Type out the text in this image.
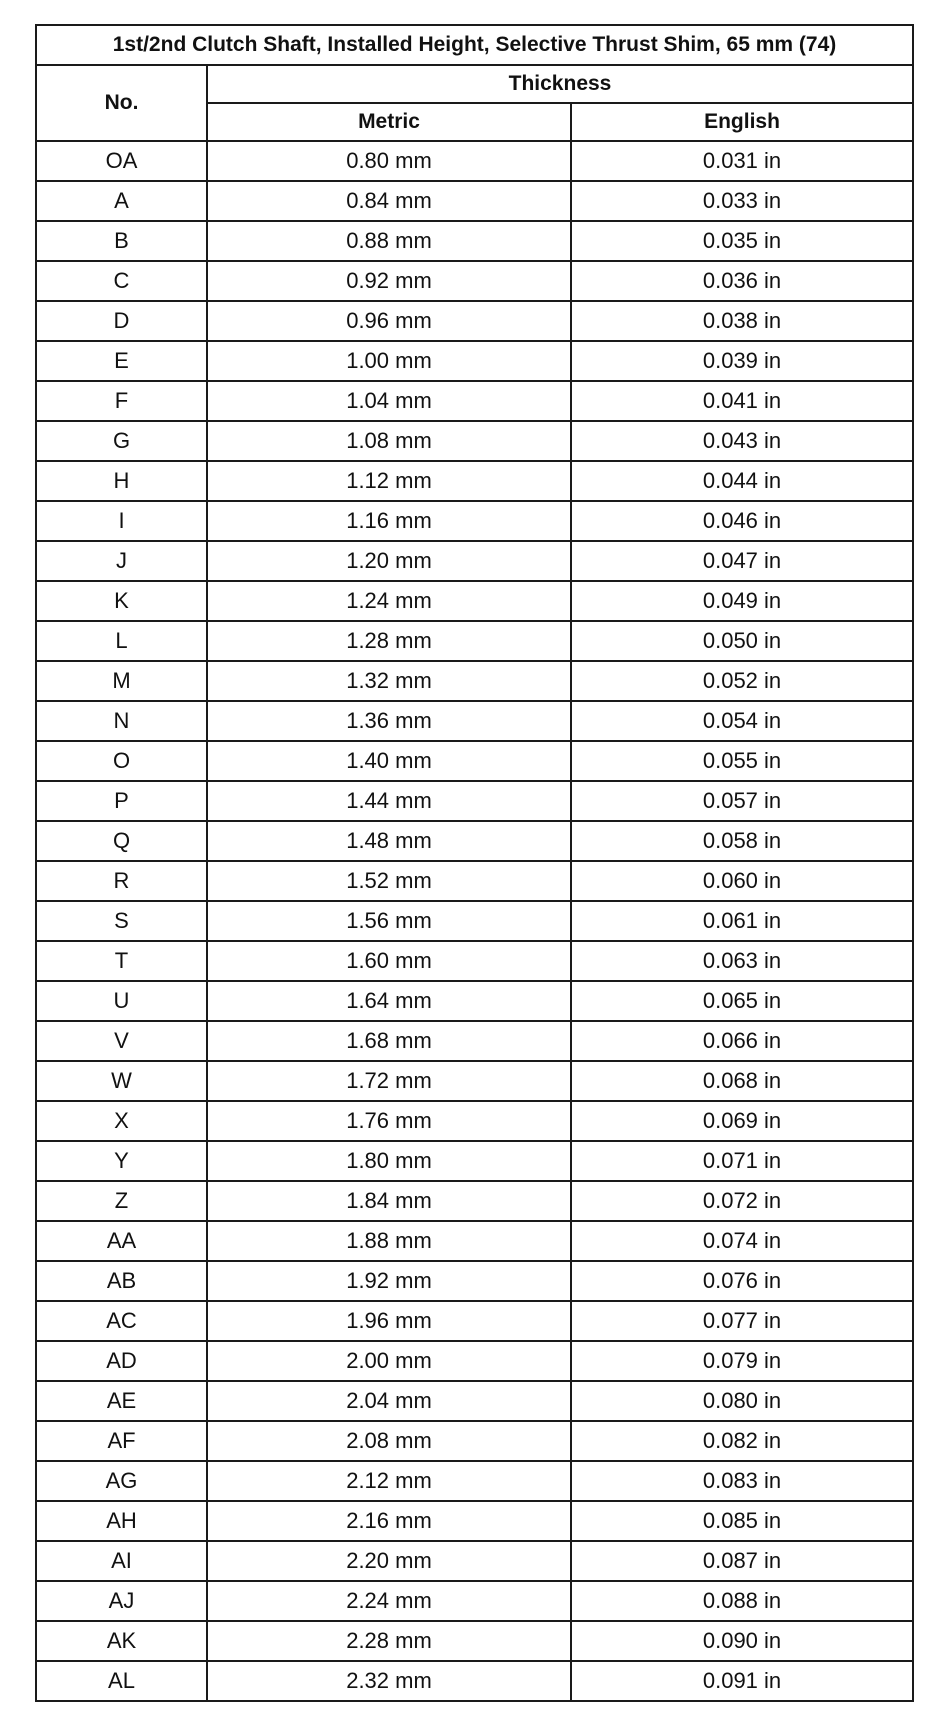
1st/2nd Clutch Shaft, Installed Height, Selective Thrust Shim, 65 mm (74)		
No.	Thickness	
	Metric	English
OA	0.80 mm	0.031 in
A	0.84 mm	0.033 in
B	0.88 mm	0.035 in
C	0.92 mm	0.036 in
D	0.96 mm	0.038 in
E	1.00 mm	0.039 in
F	1.04 mm	0.041 in
G	1.08 mm	0.043 in
H	1.12 mm	0.044 in
I	1.16 mm	0.046 in
J	1.20 mm	0.047 in
K	1.24 mm	0.049 in
L	1.28 mm	0.050 in
M	1.32 mm	0.052 in
N	1.36 mm	0.054 in
O	1.40 mm	0.055 in
P	1.44 mm	0.057 in
Q	1.48 mm	0.058 in
R	1.52 mm	0.060 in
S	1.56 mm	0.061 in
T	1.60 mm	0.063 in
U	1.64 mm	0.065 in
V	1.68 mm	0.066 in
W	1.72 mm	0.068 in
X	1.76 mm	0.069 in
Y	1.80 mm	0.071 in
Z	1.84 mm	0.072 in
AA	1.88 mm	0.074 in
AB	1.92 mm	0.076 in
AC	1.96 mm	0.077 in
AD	2.00 mm	0.079 in
AE	2.04 mm	0.080 in
AF	2.08 mm	0.082 in
AG	2.12 mm	0.083 in
AH	2.16 mm	0.085 in
AI	2.20 mm	0.087 in
AJ	2.24 mm	0.088 in
AK	2.28 mm	0.090 in
AL	2.32 mm	0.091 in
